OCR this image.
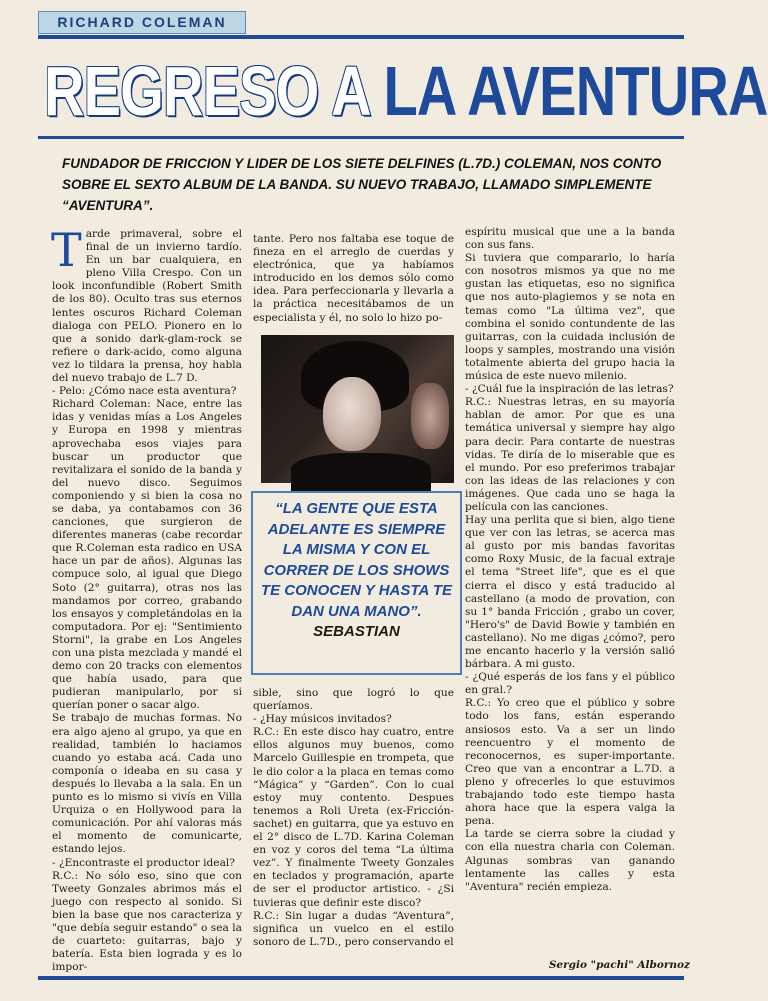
RICHARD COLEMAN
REGRESO A LA AVENTURA
FUNDADOR DE FRICCION Y LIDER DE LOS SIETE DELFINES (L.7D.) COLEMAN, NOS CONTO SOBRE EL SEXTO ALBUM DE LA BANDA. SU NUEVO TRABAJO, LLAMADO SIMPLEMENTE “AVENTURA”.

Tarde primaveral, sobre el final de un invierno tardío. En un bar cualquiera, en pleno Villa Crespo. Con un look inconfundible (Robert Smith de los 80). Oculto tras sus eternos lentes oscuros Richard Coleman dialoga con PELO. Pionero en lo que a sonido dark-glam-rock se refiere o dark-acido, como alguna vez lo tildara la prensa, hoy habla del nuevo trabajo de L.7 D.

- Pelo: ¿Cómo nace esta aventura?

Richard Coleman: Nace, entre las idas y venidas mías a Los Angeles y Europa en 1998 y mientras aprovechaba esos viajes para buscar un productor que revitalizara el sonido de la banda y del nuevo disco. Seguimos componiendo y si bien la cosa no se daba, ya contabamos con 36 canciones, que surgieron de diferentes maneras (cabe recordar que R.Coleman esta radico en USA hace un par de años). Algunas las compuce solo, al igual que Diego Soto (2° guitarra), otras nos las mandamos por correo, grabando los ensayos y completándolas en la computadora. Por ej: "Sentimiento Storni", la grabe en Los Angeles con una pista mezclada y mandé el demo con 20 tracks con elementos que había usado, para que pudieran manipularlo, por si querían poner o sacar algo.

Se trabajo de muchas formas. No era algo ajeno al grupo, ya que en realidad, también lo haciamos cuando yo estaba acá. Cada uno componía o ideaba en su casa y después lo llevaba a la sala. En un punto es lo mismo si vivís en Villa Urquiza o en Hollywood para la comunicación. Por ahí valoras más el momento de comunicarte, estando lejos.

- ¿Encontraste el productor ideal?

R.C.: No sólo eso, sino que con Tweety Gonzales abrimos más el juego con respecto al sonido. Si bien la base que nos caracteriza y "que debía seguir estando" o sea la de cuarteto: guitarras, bajo y batería. Esta bien lograda y es lo impor-

tante. Pero nos faltaba ese toque de fineza en el arreglo de cuerdas y electrónica, que ya habíamos introducido en los demos sólo como idea. Para perfeccionarla y llevarla a la práctica necesitábamos de un especialista y él, no solo lo hizo po-

“LA GENTE QUE ESTA ADELANTE ES SIEMPRE LA MISMA Y CON EL CORRER DE LOS SHOWS TE CONOCEN Y HASTA TE DAN UNA MANO”.
SEBASTIAN

sible, sino que logró lo que queríamos.

- ¿Hay músicos invitados?

R.C.: En este disco hay cuatro, entre ellos algunos muy buenos, como Marcelo Guillespie en trompeta, que le dio color a la placa en temas como “Mágica” y “Garden”. Con lo cual estoy muy contento. Despues tenemos a Roli Ureta (ex-Fricción-sachet) en guitarra, que ya estuvo en el 2° disco de L.7D. Karina Coleman en voz y coros del tema “La última vez”. Y finalmente Tweety Gonzales en teclados y programación, aparte de ser el productor artistico. - ¿Si tuvieras que definir este disco?

R.C.: Sin lugar a dudas “Aventura”, significa un vuelco en el estilo sonoro de L.7D., pero conservando el

espíritu musical que une a la banda con sus fans.

Si tuviera que compararlo, lo haría con nosotros mismos ya que no me gustan las etiquetas, eso no significa que nos auto-plagiemos y se nota en temas como "La última vez", que combina el sonido contundente de las guitarras, con la cuidada inclusión de loops y samples, mostrando una visión totalmente abierta del grupo hacia la música de este nuevo milenio.

- ¿Cuál fue la inspiración de las letras?

R.C.: Nuestras letras, en su mayoría hablan de amor. Por que es una temática universal y siempre hay algo para decir. Para contarte de nuestras vidas. Te diría de lo miserable que es el mundo. Por eso preferimos trabajar con las ideas de las relaciones y con imágenes. Que cada uno se haga la película con las canciones.

Hay una perlita que si bien, algo tiene que ver con las letras, se acerca mas al gusto por mis bandas favoritas como Roxy Music, de la facual extraje el tema "Street life", que es el que cierra el disco y está traducido al castellano (a modo de provation, con su 1° banda Fricción , grabo un cover, "Hero's" de David Bowie y también en castellano). No me digas ¿cómo?, pero me encanto hacerlo y la versión salió bárbara. A mi gusto.

- ¿Qué esperás de los fans y el público en gral.?

R.C.: Yo creo que el público y sobre todo los fans, están esperando ansiosos esto. Va a ser un lindo reencuentro y el momento de reconocernos, es super-importante. Creo que van a encontrar a L.7D. a pleno y ofrecerles lo que estuvimos trabajando todo este tiempo hasta ahora hace que la espera valga la pena.

La tarde se cierra sobre la ciudad y con ella nuestra charla con Coleman. Algunas sombras van ganando lentamente las calles y esta "Aventura" recién empieza.

Sergio "pachi" Albornoz
